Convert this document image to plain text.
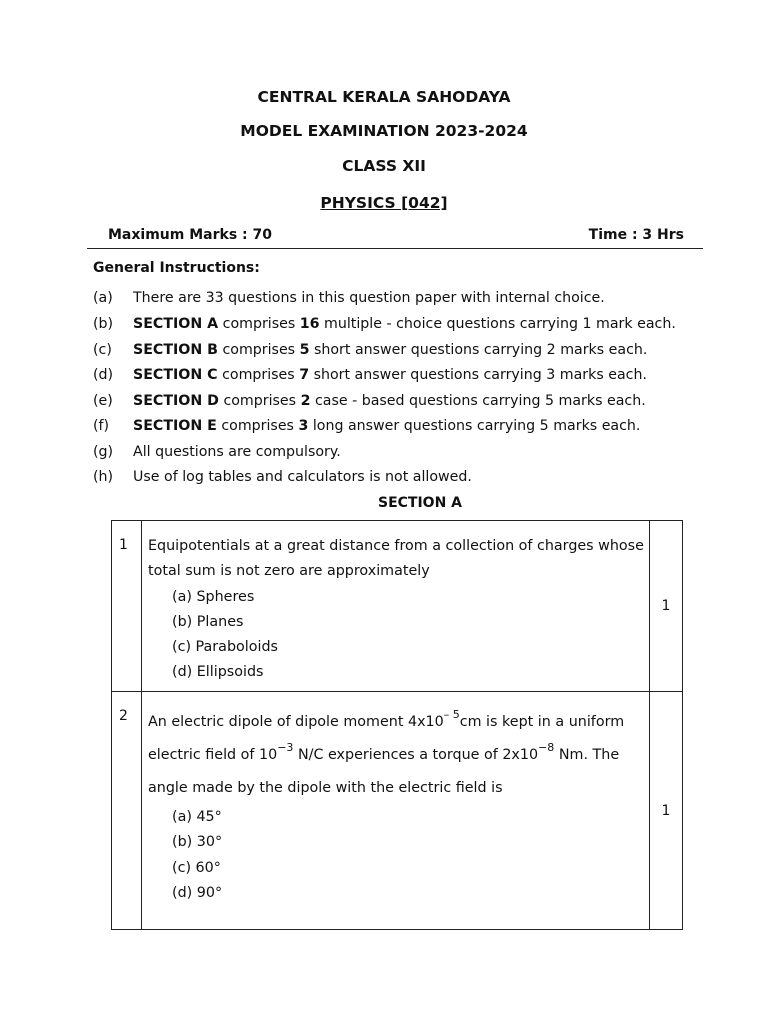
CENTRAL KERALA SAHODAYA
MODEL EXAMINATION 2023-2024
CLASS XII
PHYSICS [042]
Maximum Marks : 70	Time : 3 Hrs
General Instructions:
(a) There are 33 questions in this question paper with internal choice.
(b) SECTION A comprises 16 multiple - choice questions carrying 1 mark each.
(c) SECTION B comprises 5 short answer questions carrying 2 marks each.
(d) SECTION C comprises 7 short answer questions carrying 3 marks each.
(e) SECTION D comprises 2 case - based questions carrying 5 marks each.
(f) SECTION E comprises 3 long answer questions carrying 5 marks each.
(g) All questions are compulsory.
(h) Use of log tables and calculators is not allowed.
SECTION A
1	Equipotentials at a great distance from a collection of charges whose total sum is not zero are approximately
(a) Spheres
(b) Planes
(c) Paraboloids
(d) Ellipsoids	1

2	An electric dipole of dipole moment $4x10^{- 5}cm$ is kept in a uniform electric field of $10^{-3}$ N/C experiences a torque of $2x10^{-8}$ Nm. The angle made by the dipole with the electric field is
(a) 45°
(b) 30°
(c) 60°
(d) 90°	1
